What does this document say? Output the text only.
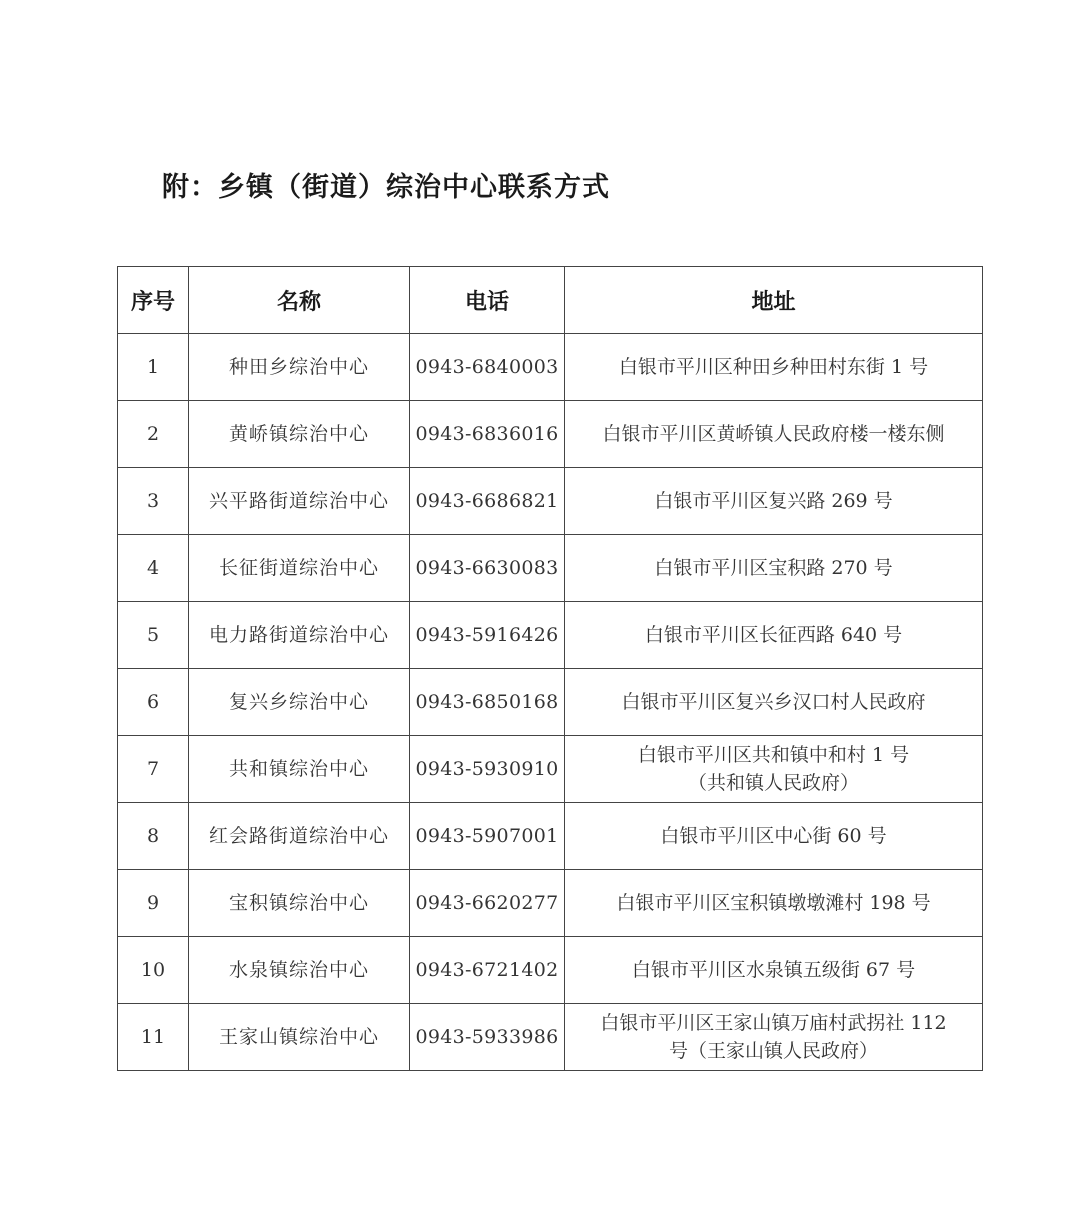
附：乡镇（街道）综治中心联系方式
序号	名称	电话	地址
1	种田乡综治中心	0943-6840003	白银市平川区种田乡种田村东街 1 号

2	黄峤镇综治中心	0943-6836016	白银市平川区黄峤镇人民政府楼一楼东侧

3	兴平路街道综治中心	0943-6686821	白银市平川区复兴路 269 号

4	长征街道综治中心	0943-6630083	白银市平川区宝积路 270 号

5	电力路街道综治中心	0943-5916426	白银市平川区长征西路 640 号

6	复兴乡综治中心	0943-6850168	白银市平川区复兴乡汉口村人民政府

7	共和镇综治中心	0943-5930910	白银市平川区共和镇中和村 1 号
（共和镇人民政府）

8	红会路街道综治中心	0943-5907001	白银市平川区中心街 60 号

9	宝积镇综治中心	0943-6620277	白银市平川区宝积镇墩墩滩村 198 号

10	水泉镇综治中心	0943-6721402	白银市平川区水泉镇五级街 67 号

11	王家山镇综治中心	0943-5933986	白银市平川区王家山镇万庙村武拐社 112
号（王家山镇人民政府）
